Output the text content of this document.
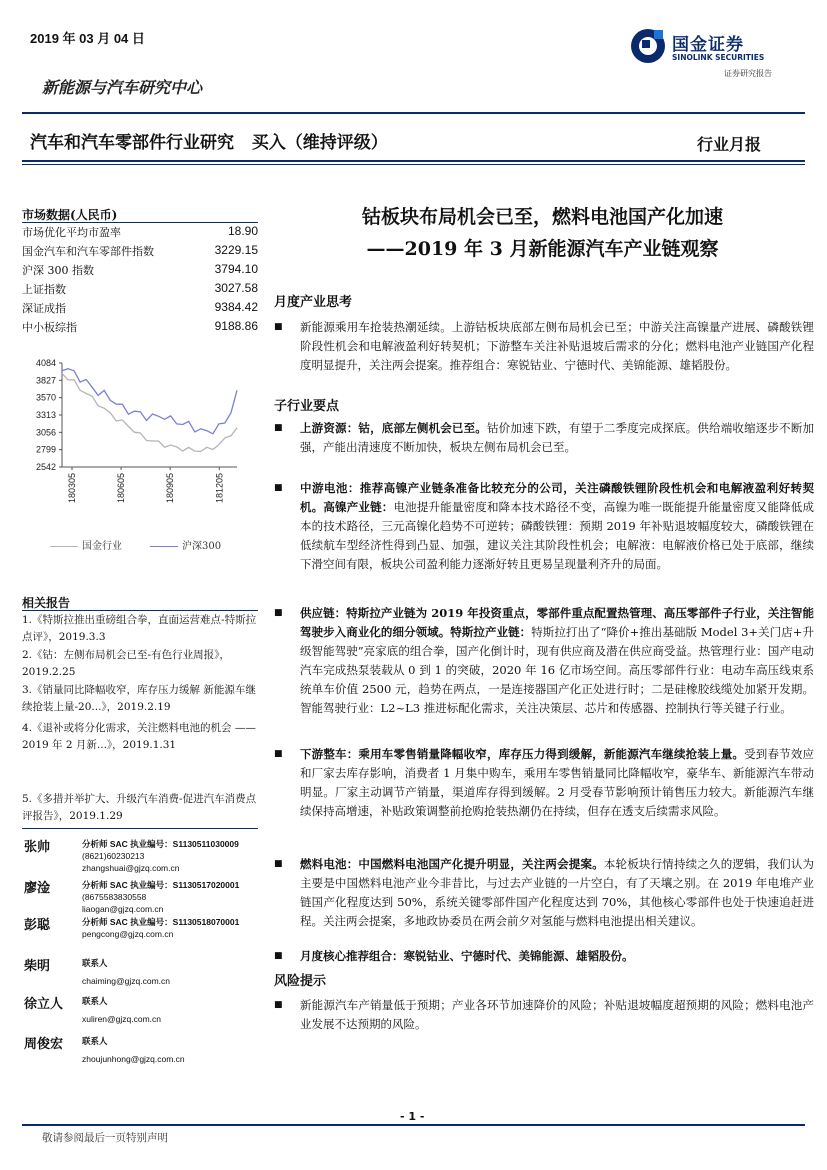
2019 年 03 月 04 日
新能源与汽车研究中心
国金证券
SINOLINK SECURITIES
证券研究报告
汽车和汽车零部件行业研究 买入（维持评级）	行业月报
市场数据(人民币)
市场优化平均市盈率	18.90
国金汽车和汽车零部件指数	3229.15
沪深 300 指数	3794.10
上证指数	3027.58
深证成指	9384.42
中小板综指	9188.86
4084
3827
3570
3313
3056
2799
2542
180305	180605	180905	181205
国金行业	沪深300
相关报告
1.《特斯拉推出重磅组合拳，直面运营难点-特斯拉点评》，2019.3.3
2.《钴：左侧布局机会已至-有色行业周报》，2019.2.25
3.《销量同比降幅收窄，库存压力缓解 新能源车继续抢装上量-20...》，2019.2.19
4.《退补或将分化需求，关注燃料电池的机会 ——2019 年 2 月新...》，2019.1.31
5.《多措并举扩大、升级汽车消费-促进汽车消费点评报告》，2019.1.29
张帅	分析师 SAC 执业编号：S1130511030009
(8621)60230213
zhangshuai@gjzq.com.cn
廖淦	分析师 SAC 执业编号：S1130517020001
(8675583830558
liaogan@gjzq.com.cn
彭聪	分析师 SAC 执业编号：S1130518070001
pengcong@gjzq.com.cn
柴明	联系人
chaiming@gjzq.com.cn
徐立人 联系人
xuliren@gjzq.com.cn
周俊宏 联系人
zhoujunhong@gjzq.com.cn
钴板块布局机会已至，燃料电池国产化加速
——2019 年 3 月新能源汽车产业链观察
月度产业思考
■ 新能源乘用车抢装热潮延续。上游钴板块底部左侧布局机会已至；中游关注高镍量产进展、磷酸铁锂阶段性机会和电解液盈利好转契机；下游整车关注补贴退坡后需求的分化；燃料电池产业链国产化程度明显提升，关注两会提案。推荐组合：寒锐钴业、宁德时代、美锦能源、雄韬股份。
子行业要点
■ 上游资源：钴，底部左侧机会已至。钴价加速下跌，有望于二季度完成探底。供给端收缩逐步不断加强，产能出清速度不断加快，板块左侧布局机会已至。
■ 中游电池：推荐高镍产业链条准备比较充分的公司，关注磷酸铁锂阶段性机会和电解液盈利好转契机。高镍产业链：电池提升能量密度和降本技术路径不变，高镍为唯一既能提升能量密度又能降低成本的技术路径，三元高镍化趋势不可逆转；磷酸铁锂：预期 2019 年补贴退坡幅度较大，磷酸铁锂在低续航车型经济性得到凸显、加强，建议关注其阶段性机会；电解液：电解液价格已处于底部，继续下滑空间有限，板块公司盈利能力逐渐好转且更易呈现量利齐升的局面。
■ 供应链：特斯拉产业链为 2019 年投资重点，零部件重点配置热管理、高压零部件子行业，关注智能驾驶步入商业化的细分领域。特斯拉产业链：特斯拉打出了“降价+推出基础版 Model 3+关门店+升级智能驾驶”亮家底的组合拳，国产化倒计时，现有供应商及潜在供应商受益。热管理行业：国产电动汽车完成热泵装载从 0 到 1 的突破，2020 年 16 亿市场空间。高压零部件行业：电动车高压线束系统单车价值 2500 元，趋势在两点，一是连接器国产化正处进行时；二是硅橡胶线缆处加紧开发期。智能驾驶行业：L2~L3 推进标配化需求，关注决策层、芯片和传感器、控制执行等关键子行业。
■ 下游整车：乘用车零售销量降幅收窄，库存压力得到缓解，新能源汽车继续抢装上量。受到春节效应和厂家去库存影响，消费者 1 月集中购车，乘用车零售销量同比降幅收窄，豪华车、新能源汽车带动明显。厂家主动调节产销量，渠道库存得到缓解。2 月受春节影响预计销售压力较大。新能源汽车继续保持高增速，补贴政策调整前抢购抢装热潮仍在持续，但存在透支后续需求风险。
■ 燃料电池：中国燃料电池国产化提升明显，关注两会提案。本轮板块行情持续之久的逻辑，我们认为主要是中国燃料电池产业今非昔比，与过去产业链的一片空白，有了天壤之别。在 2019 年电堆产业链国产化程度达到 50%，系统关键零部件国产化程度达到 70%，其他核心零部件也处于快速追赶进程。关注两会提案，多地政协委员在两会前夕对氢能与燃料电池提出相关建议。
■ 月度核心推荐组合：寒锐钴业、宁德时代、美锦能源、雄韬股份。
风险提示
■ 新能源汽车产销量低于预期；产业各环节加速降价的风险；补贴退坡幅度超预期的风险；燃料电池产业发展不达预期的风险。
- 1 -
敬请参阅最后一页特别声明
